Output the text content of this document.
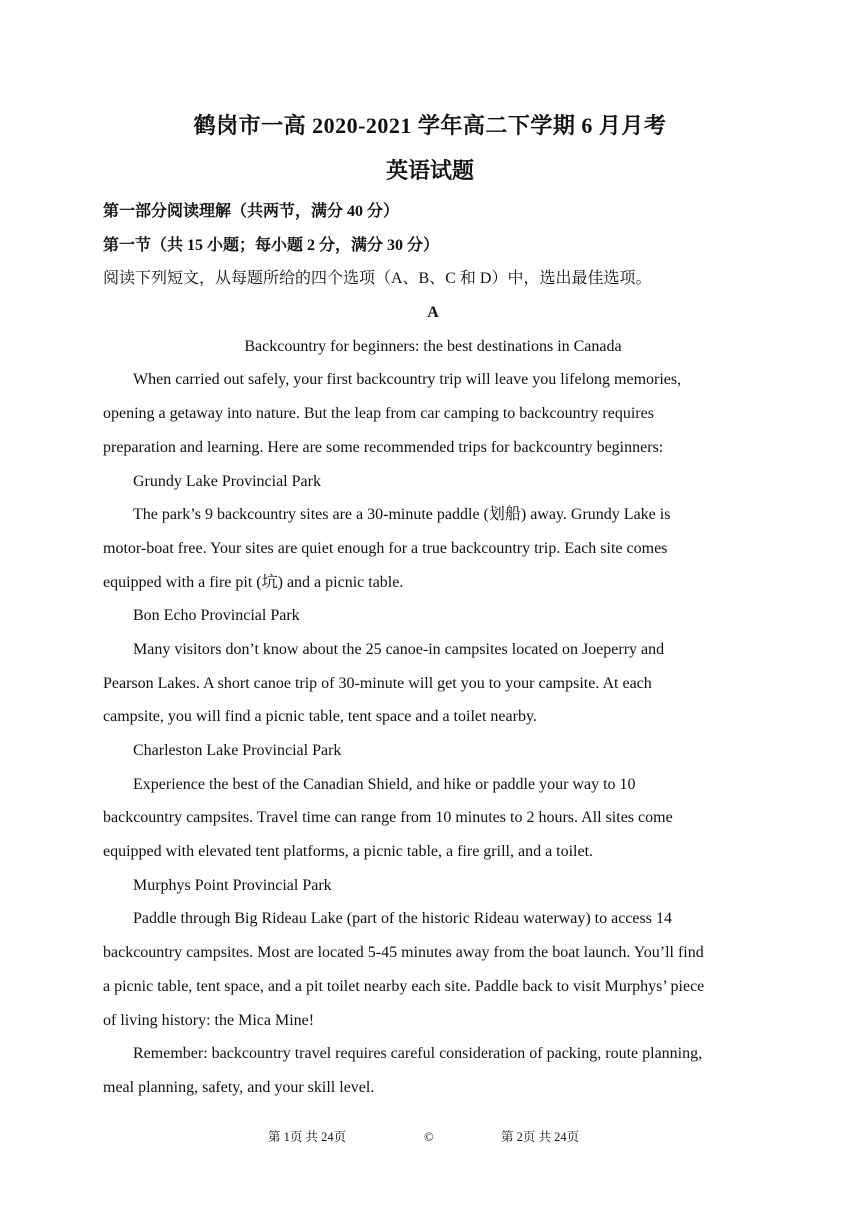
鹤岗市一高 2020-2021 学年高二下学期 6 月月考
英语试题
第一部分阅读理解（共两节，满分 40 分）
第一节（共 15 小题；每小题 2 分，满分 30 分）
阅读下列短文，从每题所给的四个选项（A、B、C 和 D）中，选出最佳选项。
A
Backcountry for beginners: the best destinations in Canada
When carried out safely, your first backcountry trip will leave you lifelong memories,
opening a getaway into nature. But the leap from car camping to backcountry requires
preparation and learning. Here are some recommended trips for backcountry beginners:
Grundy Lake Provincial Park
The park’s 9 backcountry sites are a 30-minute paddle (划船) away. Grundy Lake is
motor-boat free. Your sites are quiet enough for a true backcountry trip. Each site comes
equipped with a fire pit (坑) and a picnic table.
Bon Echo Provincial Park
Many visitors don’t know about the 25 canoe-in campsites located on Joeperry and
Pearson Lakes. A short canoe trip of 30-minute will get you to your campsite. At each
campsite, you will find a picnic table, tent space and a toilet nearby.
Charleston Lake Provincial Park
Experience the best of the Canadian Shield, and hike or paddle your way to 10
backcountry campsites. Travel time can range from 10 minutes to 2 hours. All sites come
equipped with elevated tent platforms, a picnic table, a fire grill, and a toilet.
Murphys Point Provincial Park
Paddle through Big Rideau Lake (part of the historic Rideau waterway) to access 14
backcountry campsites. Most are located 5-45 minutes away from the boat launch. You’ll find
a picnic table, tent space, and a pit toilet nearby each site. Paddle back to visit Murphys’ piece
of living history: the Mica Mine!
Remember: backcountry travel requires careful consideration of packing, route planning,
meal planning, safety, and your skill level.
第 1页 共 24页	©	第 2页 共 24页
